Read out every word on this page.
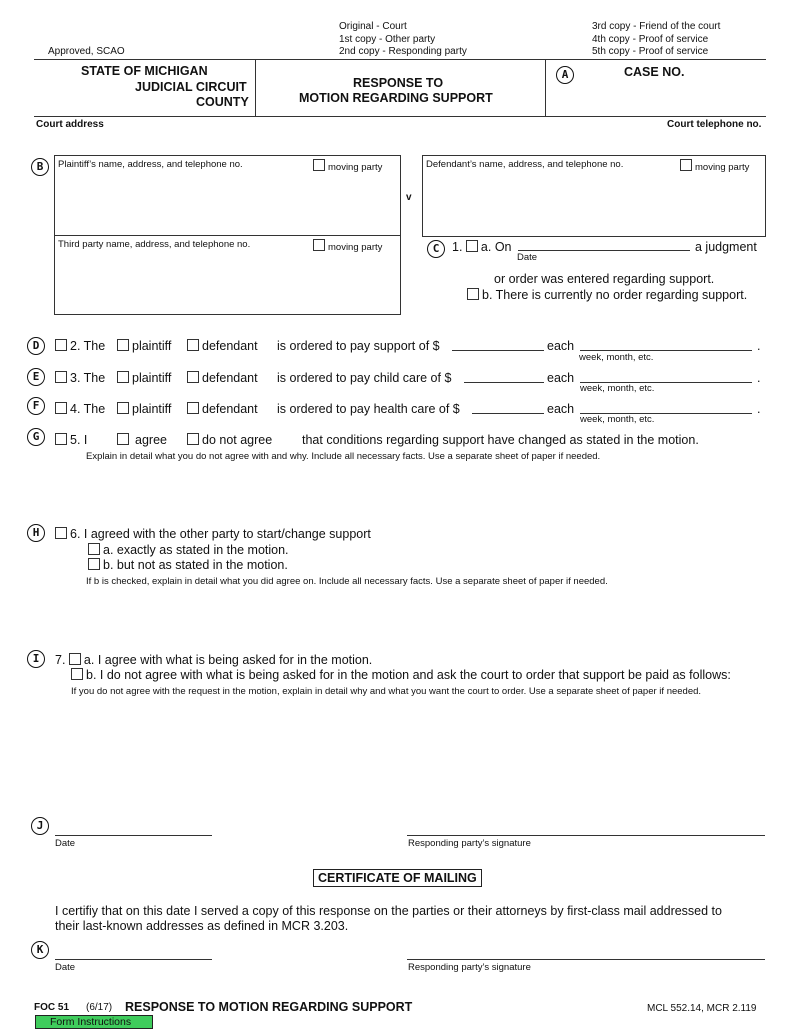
Approved, SCAO
Original - Court
1st copy - Other party
2nd copy - Responding party
3rd copy - Friend of the court
4th copy - Proof of service
5th copy - Proof of service
STATE OF MICHIGAN
JUDICIAL CIRCUIT
COUNTY
RESPONSE TO
MOTION REGARDING SUPPORT
A	CASE NO.
Court address	Court telephone no.
B	Plaintiff’s name, address, and telephone no.	moving party
Third party name, address, and telephone no.	moving party
v
Defendant’s name, address, and telephone no.	moving party
C	1. a. On
Date
a judgment
or order was entered regarding support.
b. There is currently no order regarding support.
D	2. The	plaintiff	defendant is ordered to pay support of $	each
week, month, etc.
.
E	3. The	plaintiff	defendant is ordered to pay child care of $	each
week, month, etc.
.
F	4. The	plaintiff	defendant is ordered to pay health care of $	each
week, month, etc.
.
G	5. I	agree	do not agree that conditions regarding support have changed as stated in the motion.
Explain in detail what you do not agree with and why. Include all necessary facts. Use a separate sheet of paper if needed.
H	6. I agreed with the other party to start/change support
a. exactly as stated in the motion.
b. but not as stated in the motion.
If b is checked, explain in detail what you did agree on. Include all necessary facts. Use a separate sheet of paper if needed.
I	7. a. I agree with what is being asked for in the motion.
b. I do not agree with what is being asked for in the motion and ask the court to order that support be paid as follows:
If you do not agree with the request in the motion, explain in detail why and what you want the court to order. Use a separate sheet of paper if needed.
J
Date	Responding party’s signature
CERTIFICATE OF MAILING
I certifiy that on this date I served a copy of this response on the parties or their attorneys by first-class mail addressed to
their last-known addresses as defined in MCR 3.203.
K
Date	Responding party’s signature
FOC 51 (6/17) RESPONSE TO MOTION REGARDING SUPPORT	MCL 552.14, MCR 2.119
Form Instructions
